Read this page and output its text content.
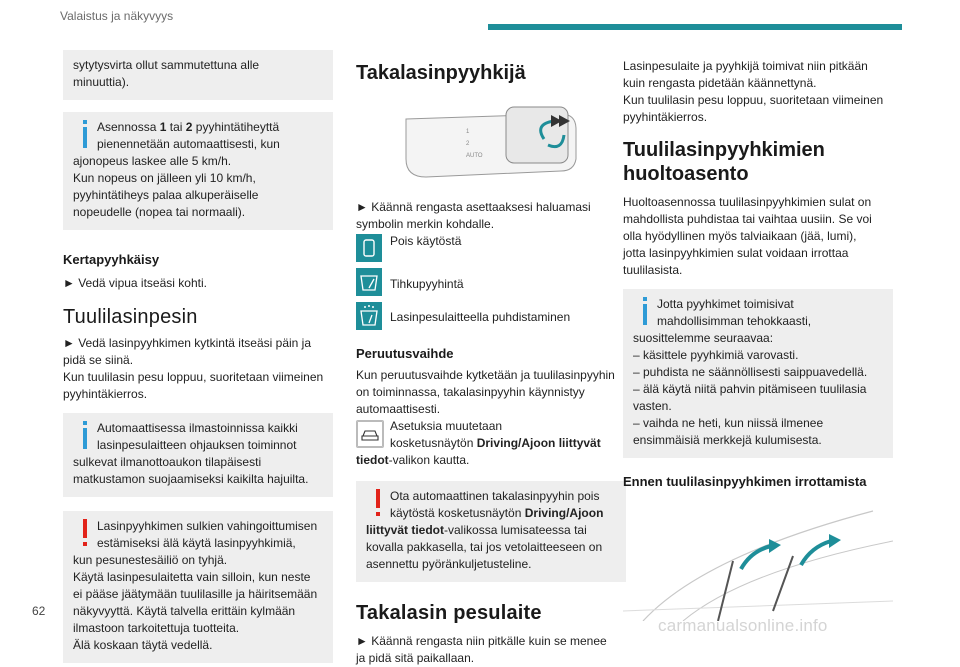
Valaistus ja näkyvyys
sytytysvirta ollut sammutettuna alle
minuuttia).
Asennossa 1 tai 2 pyyhintätiheyttä
pienennetään automaattisesti, kun
ajonopeus laskee alle 5 km/h.
Kun nopeus on jälleen yli 10 km/h,
pyyhintätiheys palaa alkuperäiselle
nopeudelle (nopea tai normaali).
Kertapyyhkäisy
► Vedä vipua itseäsi kohti.
Tuulilasinpesin
► Vedä lasinpyyhkimen kytkintä itseäsi päin ja
pidä se siinä.
Kun tuulilasin pesu loppuu, suoritetaan viimeinen
pyyhintäkierros.
Automaattisessa ilmastoinnissa kaikki
lasinpesulaitteen ohjauksen toiminnot
sulkevat ilmanottoaukon tilapäisesti
matkustamon suojaamiseksi kaikilta hajuilta.
Lasinpyyhkimen sulkien vahingoittumisen
estämiseksi älä käytä lasinpyyhkimiä,
kun pesunestesäiliö on tyhjä.
Käytä lasinpesulaitetta vain silloin, kun neste
ei pääse jäätymään tuulilasille ja häiritsemään
näkyvyyttä. Käytä talvella erittäin kylmään
ilmastoon tarkoitettuja tuotteita.
Älä koskaan täytä vedellä.
Takalasinpyyhkijä
1
2
AUTO
► Käännä rengasta asettaaksesi haluamasi
symbolin merkin kohdalle.
Pois käytöstä
Tihkupyyhintä
Lasinpesulaitteella puhdistaminen
Peruutusvaihde
Kun peruutusvaihde kytketään ja tuulilasinpyyhin
on toiminnassa, takalasinpyyhin käynnistyy
automaattisesti.
Asetuksia muutetaan
kosketusnäytön Driving/Ajoon liittyvät
tiedot-valikon kautta.
Ota automaattinen takalasinpyyhin pois
käytöstä kosketusnäytön Driving/Ajoon
liittyvät tiedot-valikossa lumisateessa tai
kovalla pakkasella, tai jos vetolaitteeseen on
asennettu pyöränkuljetusteline.
Takalasin pesulaite
► Käännä rengasta niin pitkälle kuin se menee
ja pidä sitä paikallaan.
Lasinpesulaite ja pyyhkijä toimivat niin pitkään
kuin rengasta pidetään käännettynä.
Kun tuulilasin pesu loppuu, suoritetaan viimeinen
pyyhintäkierros.
Tuulilasinpyyhkimien
huoltoasento
Huoltoasennossa tuulilasinpyyhkimien sulat on
mahdollista puhdistaa tai vaihtaa uusiin. Se voi
olla hyödyllinen myös talviaikaan (jää, lumi),
jotta lasinpyyhkimien sulat voidaan irrottaa
tuulilasista.
Jotta pyyhkimet toimisivat
mahdollisimman tehokkaasti,
suosittelemme seuraavaa:
– käsittele pyyhkimiä varovasti.
– puhdista ne säännöllisesti saippuavedellä.
– älä käytä niitä pahvin pitämiseen tuulilasia
vasten.
– vaihda ne heti, kun niissä ilmenee
ensimmäisiä merkkejä kulumisesta.
Ennen tuulilasinpyyhkimen irrottamista
62
carmanualsonline.info
